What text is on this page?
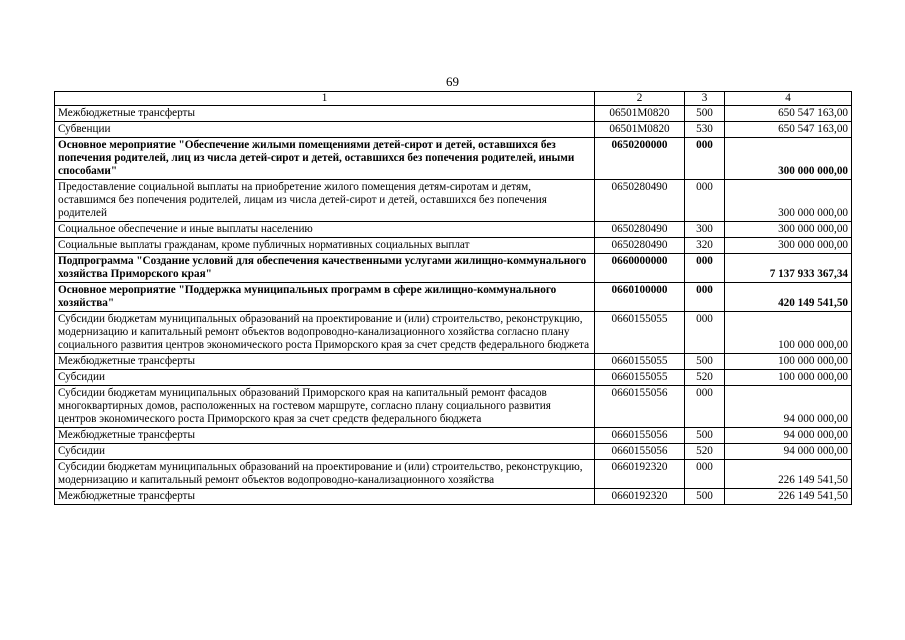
69
1	2	3	4
Межбюджетные трансферты	06501M0820	500	650 547 163,00
Субвенции	06501M0820	530	650 547 163,00
Основное мероприятие "Обеспечение жилыми помещениями детей-сирот и детей, оставшихся без попечения родителей, лиц из числа детей-сирот и детей, оставшихся без попечения родителей, иными способами"	0650200000	000	300 000 000,00
Предоставление социальной выплаты на приобретение жилого помещения детям-сиротам и детям, оставшимся без попечения родителей, лицам из числа детей-сирот и детей, оставшихся без попечения родителей	0650280490	000	300 000 000,00
Социальное обеспечение и иные выплаты населению	0650280490	300	300 000 000,00
Социальные выплаты гражданам, кроме публичных нормативных социальных выплат	0650280490	320	300 000 000,00
Подпрограмма "Создание условий для обеспечения качественными услугами жилищно-коммунального хозяйства Приморского края"	0660000000	000	7 137 933 367,34
Основное мероприятие "Поддержка муниципальных программ в сфере жилищно-коммунального хозяйства"	0660100000	000	420 149 541,50
Субсидии бюджетам муниципальных образований на проектирование и (или) строительство, реконструкцию, модернизацию и капитальный ремонт объектов водопроводно-канализационного хозяйства согласно плану социального развития центров экономического роста Приморского края за счет средств федерального бюджета	0660155055	000	100 000 000,00
Межбюджетные трансферты	0660155055	500	100 000 000,00
Субсидии	0660155055	520	100 000 000,00
Субсидии бюджетам муниципальных образований Приморского края на капитальный ремонт фасадов многоквартирных домов, расположенных на гостевом маршруте, согласно плану социального развития центров экономического роста Приморского края за счет средств федерального бюджета	0660155056	000	94 000 000,00
Межбюджетные трансферты	0660155056	500	94 000 000,00
Субсидии	0660155056	520	94 000 000,00
Субсидии бюджетам муниципальных образований на проектирование и (или) строительство, реконструкцию, модернизацию и капитальный ремонт объектов водопроводно-канализационного хозяйства	0660192320	000	226 149 541,50
Межбюджетные трансферты	0660192320	500	226 149 541,50
